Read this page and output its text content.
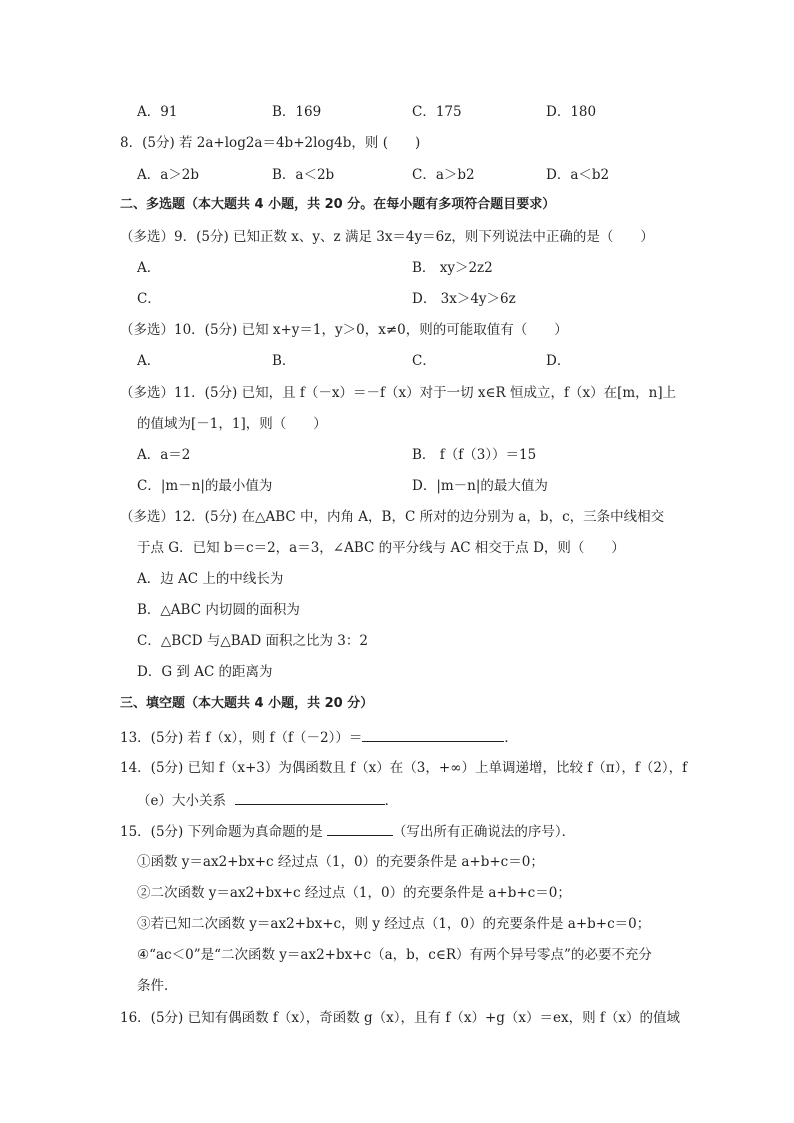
A．91	B．169	C．175	D．180
8．(5分) 若 2a+log2a＝4b+2log4b，则 (　　)
A．a＞2b	B．a＜2b	C．a＞b2	D．a＜b2
二、多选题（本大题共 4 小题，共 20 分。在每小题有多项符合题目要求）
（多选）9．(5分) 已知正数 x、y、z 满足 3x＝4y＝6z，则下列说法中正确的是（　　）
A．	B． xy＞2z2
C．	D． 3x＞4y＞6z
（多选）10．(5分) 已知 x+y＝1，y＞0，x≠0，则的可能取值有（　　）
A．	B．	C．	D．
（多选）11．(5分) 已知，且 f（－x）＝－f（x）对于一切 x∈R 恒成立，f（x）在[m，n]上
的值域为[－1，1]，则（　　）
A．a＝2	B． f（f（3））＝15
C．|m－n|的最小值为	D．|m－n|的最大值为
（多选）12．(5分) 在△ABC 中，内角 A，B，C 所对的边分别为 a，b，c，三条中线相交
于点 G．已知 b＝c＝2，a＝3，∠ABC 的平分线与 AC 相交于点 D，则（　　）
A．边 AC 上的中线长为
B．△ABC 内切圆的面积为
C．△BCD 与△BAD 面积之比为 3：2
D．G 到 AC 的距离为
三、填空题（本大题共 4 小题，共 20 分）
13．(5分) 若 f（x），则 f（f（－2））＝	．
14．(5分) 已知 f（x+3）为偶函数且 f（x）在（3，+∞）上单调递增，比较 f（π），f（2），f
（e）大小关系	．
15．(5分) 下列命题为真命题的是	（写出所有正确说法的序号）．
①函数 y＝ax2+bx+c 经过点（1，0）的充要条件是 a+b+c＝0；
②二次函数 y＝ax2+bx+c 经过点（1，0）的充要条件是 a+b+c＝0；
③若已知二次函数 y＝ax2+bx+c，则 y 经过点（1，0）的充要条件是 a+b+c＝0；
④“ac＜0”是“二次函数 y＝ax2+bx+c（a，b，c∈R）有两个异号零点”的必要不充分
条件．
16．(5分) 已知有偶函数 f（x），奇函数 g（x），且有 f（x）+g（x）＝ex，则 f（x）的值域
